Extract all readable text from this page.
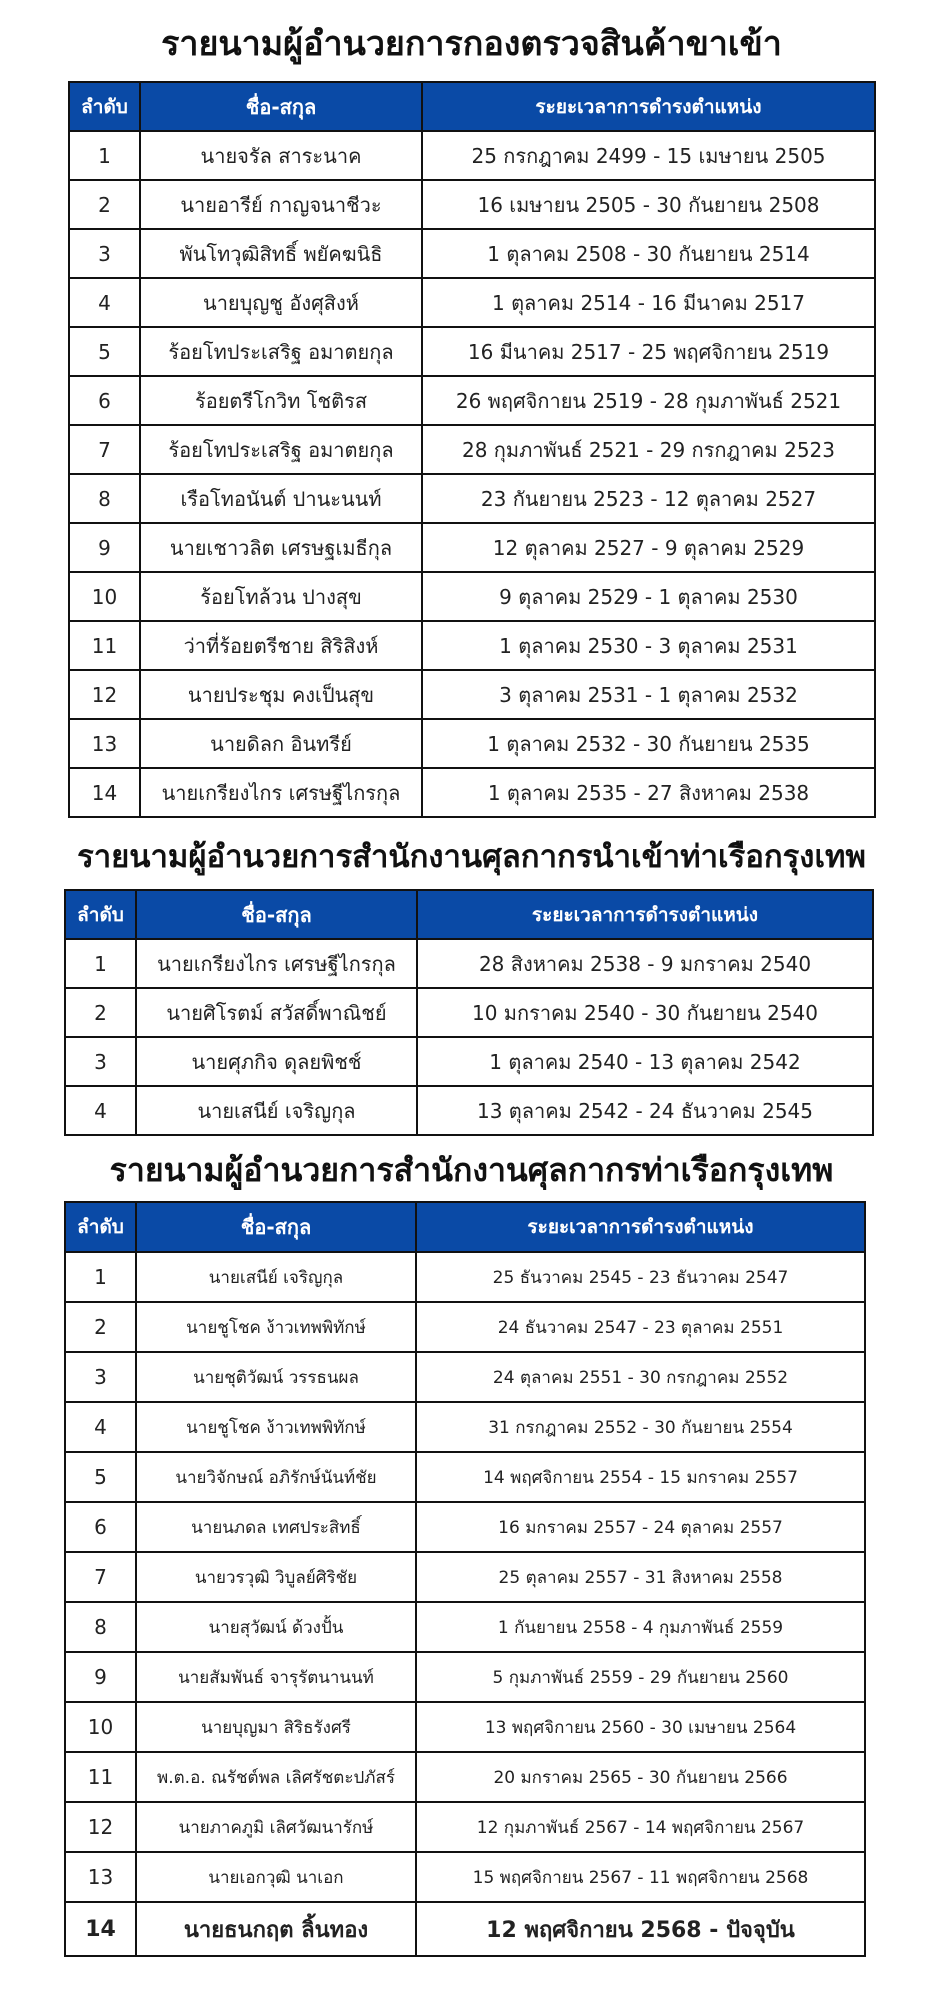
รายนามผู้อำนวยการกองตรวจสินค้าขาเข้า
ลำดับ	ชื่อ-สกุล	ระยะเวลาการดำรงตำแหน่ง
1	นายจรัล สาระนาค	25 กรกฎาคม 2499 - 15 เมษายน 2505
2	นายอารีย์ กาญจนาชีวะ	16 เมษายน 2505 - 30 กันยายน 2508
3	พันโทวุฒิสิทธิ์ พยัคฆนิธิ	1 ตุลาคม 2508 - 30 กันยายน 2514
4	นายบุญชู อังศุสิงห์	1 ตุลาคม 2514 - 16 มีนาคม 2517
5	ร้อยโทประเสริฐ อมาตยกุล	16 มีนาคม 2517 - 25 พฤศจิกายน 2519
6	ร้อยตรีโกวิท โชติรส	26 พฤศจิกายน 2519 - 28 กุมภาพันธ์ 2521
7	ร้อยโทประเสริฐ อมาตยกุล	28 กุมภาพันธ์ 2521 - 29 กรกฎาคม 2523
8	เรือโทอนันต์ ปานะนนท์	23 กันยายน 2523 - 12 ตุลาคม 2527
9	นายเชาวลิต เศรษฐเมธีกุล	12 ตุลาคม 2527 - 9 ตุลาคม 2529
10	ร้อยโทล้วน ปางสุข	9 ตุลาคม 2529 - 1 ตุลาคม 2530
11	ว่าที่ร้อยตรีชาย สิริสิงห์	1 ตุลาคม 2530 - 3 ตุลาคม 2531
12	นายประชุม คงเป็นสุข	3 ตุลาคม 2531 - 1 ตุลาคม 2532
13	นายดิลก อินทรีย์	1 ตุลาคม 2532 - 30 กันยายน 2535
14	นายเกรียงไกร เศรษฐีไกรกุล	1 ตุลาคม 2535 - 27 สิงหาคม 2538
รายนามผู้อำนวยการสำนักงานศุลกากรนำเข้าท่าเรือกรุงเทพ
ลำดับ	ชื่อ-สกุล	ระยะเวลาการดำรงตำแหน่ง
1	นายเกรียงไกร เศรษฐีไกรกุล	28 สิงหาคม 2538 - 9 มกราคม 2540
2	นายศิโรตม์ สวัสดิ์พาณิชย์	10 มกราคม 2540 - 30 กันยายน 2540
3	นายศุภกิจ ดุลยพิชช์	1 ตุลาคม 2540 - 13 ตุลาคม 2542
4	นายเสนีย์ เจริญกุล	13 ตุลาคม 2542 - 24 ธันวาคม 2545
รายนามผู้อำนวยการสำนักงานศุลกากรท่าเรือกรุงเทพ
ลำดับ	ชื่อ-สกุล	ระยะเวลาการดำรงตำแหน่ง
1	นายเสนีย์ เจริญกุล	25 ธันวาคม 2545 - 23 ธันวาคม 2547
2	นายชูโชค ง้าวเทพพิทักษ์	24 ธันวาคม 2547 - 23 ตุลาคม 2551
3	นายชุติวัฒน์ วรรธนผล	24 ตุลาคม 2551 - 30 กรกฎาคม 2552
4	นายชูโชค ง้าวเทพพิทักษ์	31 กรกฎาคม 2552 - 30 กันยายน 2554
5	นายวิจักษณ์ อภิรักษ์นันท์ชัย	14 พฤศจิกายน 2554 - 15 มกราคม 2557
6	นายนภดล เทศประสิทธิ์	16 มกราคม 2557 - 24 ตุลาคม 2557
7	นายวรวุฒิ วิบูลย์ศิริชัย	25 ตุลาคม 2557 - 31 สิงหาคม 2558
8	นายสุวัฒน์ ด้วงปั้น	1 กันยายน 2558 - 4 กุมภาพันธ์ 2559
9	นายสัมพันธ์ จารุรัตนานนท์	5 กุมภาพันธ์ 2559 - 29 กันยายน 2560
10	นายบุญมา สิริธรังศรี	13 พฤศจิกายน 2560 - 30 เมษายน 2564
11	พ.ต.อ. ณรัชต์พล เลิศรัชตะปภัสร์	20 มกราคม 2565 - 30 กันยายน 2566
12	นายภาคภูมิ เลิศวัฒนารักษ์	12 กุมภาพันธ์ 2567 - 14 พฤศจิกายน 2567
13	นายเอกวุฒิ นาเอก	15 พฤศจิกายน 2567 - 11 พฤศจิกายน 2568
14	นายธนกฤต ลิ้นทอง	12 พฤศจิกายน 2568 - ปัจจุบัน
